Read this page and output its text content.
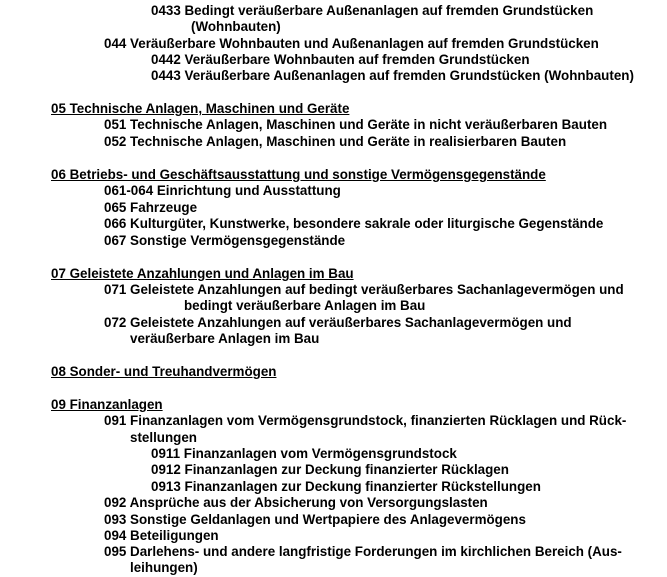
0433 Bedingt veräußerbare Außenanlagen auf fremden Grundstücken
(Wohnbauten)
044 Veräußerbare Wohnbauten und Außenanlagen auf fremden Grundstücken
0442 Veräußerbare Wohnbauten auf fremden Grundstücken
0443 Veräußerbare Außenanlagen auf fremden Grundstücken (Wohnbauten)
05 Technische Anlagen, Maschinen und Geräte
051 Technische Anlagen, Maschinen und Geräte in nicht veräußerbaren Bauten
052 Technische Anlagen, Maschinen und Geräte in realisierbaren Bauten
06 Betriebs- und Geschäftsausstattung und sonstige Vermögensgegenstände
061-064 Einrichtung und Ausstattung
065 Fahrzeuge
066 Kulturgüter, Kunstwerke, besondere sakrale oder liturgische Gegenstände
067 Sonstige Vermögensgegenstände
07 Geleistete Anzahlungen und Anlagen im Bau
071 Geleistete Anzahlungen auf bedingt veräußerbares Sachanlagevermögen und
bedingt veräußerbare Anlagen im Bau
072 Geleistete Anzahlungen auf veräußerbares Sachanlagevermögen und
veräußerbare Anlagen im Bau
08 Sonder- und Treuhandvermögen
09 Finanzanlagen
091 Finanzanlagen vom Vermögensgrundstock, finanzierten Rücklagen und Rück-
stellungen
0911 Finanzanlagen vom Vermögensgrundstock
0912 Finanzanlagen zur Deckung finanzierter Rücklagen
0913 Finanzanlagen zur Deckung finanzierter Rückstellungen
092 Ansprüche aus der Absicherung von Versorgungslasten
093 Sonstige Geldanlagen und Wertpapiere des Anlagevermögens
094 Beteiligungen
095 Darlehens- und andere langfristige Forderungen im kirchlichen Bereich (Aus-
leihungen)
